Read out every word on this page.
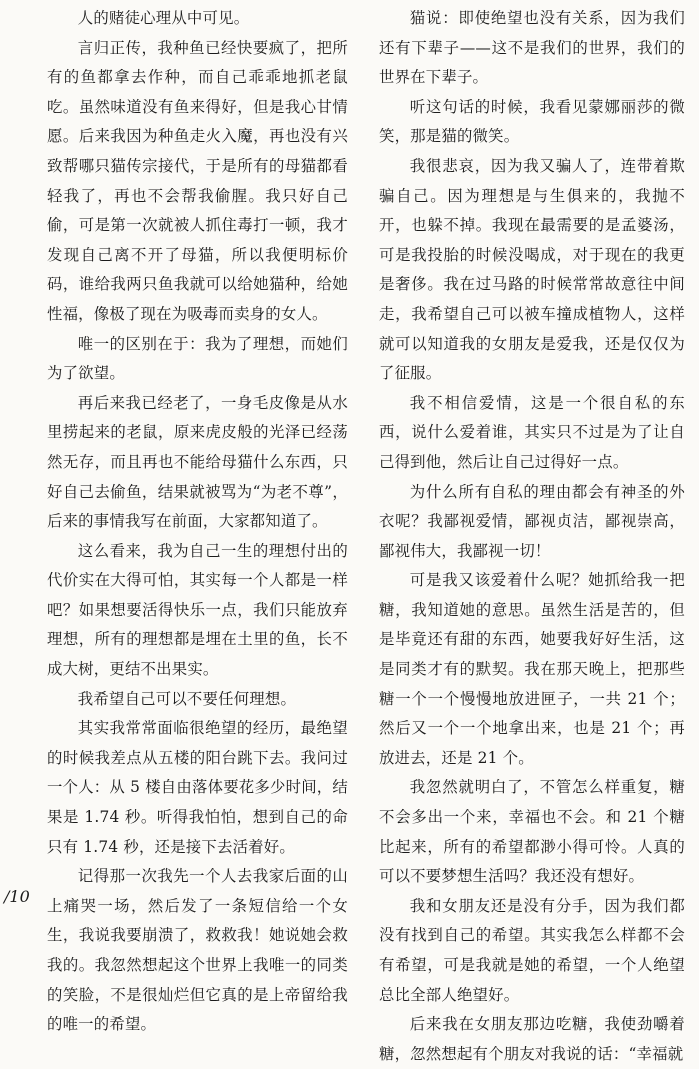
人的赌徒心理从中可见。

言归正传，我种鱼已经快要疯了，把所有的鱼都拿去作种，而自己乖乖地抓老鼠吃。虽然味道没有鱼来得好，但是我心甘情愿。后来我因为种鱼走火入魔，再也没有兴致帮哪只猫传宗接代，于是所有的母猫都看轻我了，再也不会帮我偷腥。我只好自己偷，可是第一次就被人抓住毒打一顿，我才发现自己离不开了母猫，所以我便明标价码，谁给我两只鱼我就可以给她猫种，给她性福，像极了现在为吸毒而卖身的女人。

唯一的区别在于：我为了理想，而她们为了欲望。

再后来我已经老了，一身毛皮像是从水里捞起来的老鼠，原来虎皮般的光泽已经荡然无存，而且再也不能给母猫什么东西，只好自己去偷鱼，结果就被骂为“为老不尊”，后来的事情我写在前面，大家都知道了。

这么看来，我为自己一生的理想付出的代价实在大得可怕，其实每一个人都是一样吧？如果想要活得快乐一点，我们只能放弃理想，所有的理想都是埋在土里的鱼，长不成大树，更结不出果实。

我希望自己可以不要任何理想。

其实我常常面临很绝望的经历，最绝望的时候我差点从五楼的阳台跳下去。我问过一个人：从 5 楼自由落体要花多少时间，结果是 1.74 秒。听得我怕怕，想到自己的命只有 1.74 秒，还是接下去活着好。

记得那一次我先一个人去我家后面的山上痛哭一场，然后发了一条短信给一个女生，我说我要崩溃了，救救我！她说她会救我的。我忽然想起这个世界上我唯一的同类的笑脸，不是很灿烂但它真的是上帝留给我的唯一的希望。

猫说：即使绝望也没有关系，因为我们还有下辈子——这不是我们的世界，我们的世界在下辈子。

听这句话的时候，我看见蒙娜丽莎的微笑，那是猫的微笑。

我很悲哀，因为我又骗人了，连带着欺骗自己。因为理想是与生俱来的，我抛不开，也躲不掉。我现在最需要的是孟婆汤，可是我投胎的时候没喝成，对于现在的我更是奢侈。我在过马路的时候常常故意往中间走，我希望自己可以被车撞成植物人，这样就可以知道我的女朋友是爱我，还是仅仅为了征服。

我不相信爱情，这是一个很自私的东西，说什么爱着谁，其实只不过是为了让自己得到他，然后让自己过得好一点。

为什么所有自私的理由都会有神圣的外衣呢？我鄙视爱情，鄙视贞洁，鄙视崇高，鄙视伟大，我鄙视一切！

可是我又该爱着什么呢？她抓给我一把糖，我知道她的意思。虽然生活是苦的，但是毕竟还有甜的东西，她要我好好生活，这是同类才有的默契。我在那天晚上，把那些糖一个一个慢慢地放进匣子，一共 21 个；然后又一个一个地拿出来，也是 21 个；再放进去，还是 21 个。

我忽然就明白了，不管怎么样重复，糖不会多出一个来，幸福也不会。和 21 个糖比起来，所有的希望都渺小得可怜。人真的可以不要梦想生活吗？我还没有想好。

我和女朋友还是没有分手，因为我们都没有找到自己的希望。其实我怎么样都不会有希望，可是我就是她的希望，一个人绝望总比全部人绝望好。

后来我在女朋友那边吃糖，我使劲嚼着糖，忽然想起有个朋友对我说的话：“幸福就

/10
